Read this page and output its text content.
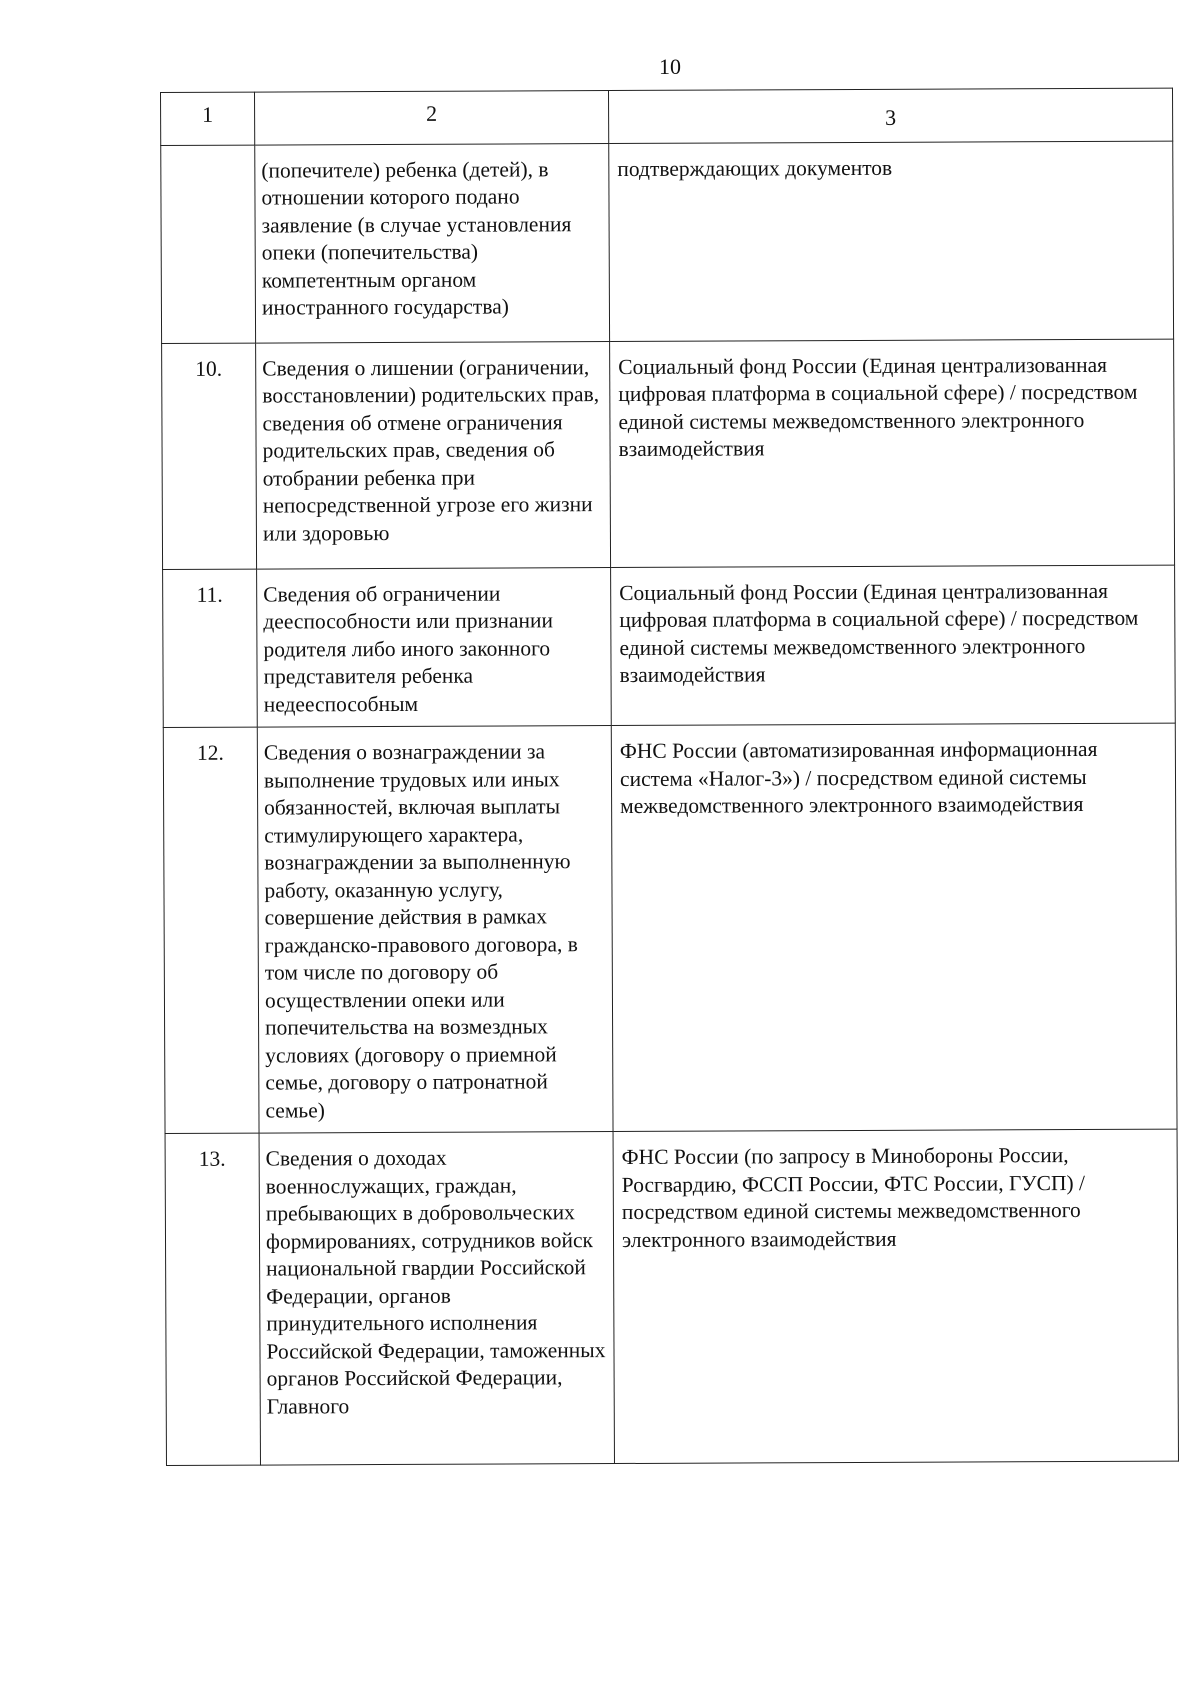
10
1	2	3
	(попечителе) ребенка (детей), в отношении которого подано заявление (в случае установления опеки (попечительства) компетентным органом иностранного государства)	подтверждающих документов
10.	Сведения о лишении (ограничении, восстановлении) родительских прав, сведения об отмене ограничения родительских прав, сведения об отобрании ребенка при непосредственной угрозе его жизни или здоровью	Социальный фонд России (Единая централизованная цифровая платформа в социальной сфере) / посредством единой системы межведомственного электронного взаимодействия
11.	Сведения об ограничении дееспособности или признании родителя либо иного законного представителя ребенка недееспособным	Социальный фонд России (Единая централизованная цифровая платформа в социальной сфере) / посредством единой системы межведомственного электронного взаимодействия
12.	Сведения о вознаграждении за выполнение трудовых или иных обязанностей, включая выплаты стимулирующего характера, вознаграждении за выполненную работу, оказанную услугу, совершение действия в рамках гражданско-правового договора, в том числе по договору об осуществлении опеки или попечительства на возмездных условиях (договору о приемной семье, договору о патронатной семье)	ФНС России (автоматизированная информационная система «Налог-3») / посредством единой системы межведомственного электронного взаимодействия
13.	Сведения о доходах военнослужащих, граждан, пребывающих в добровольческих формированиях, сотрудников войск национальной гвардии Российской Федерации, органов принудительного исполнения Российской Федерации, таможенных органов Российской Федерации, Главного	ФНС России (по запросу в Минобороны России, Росгвардию, ФССП России, ФТС России, ГУСП) / посредством единой системы межведомственного электронного взаимодействия
